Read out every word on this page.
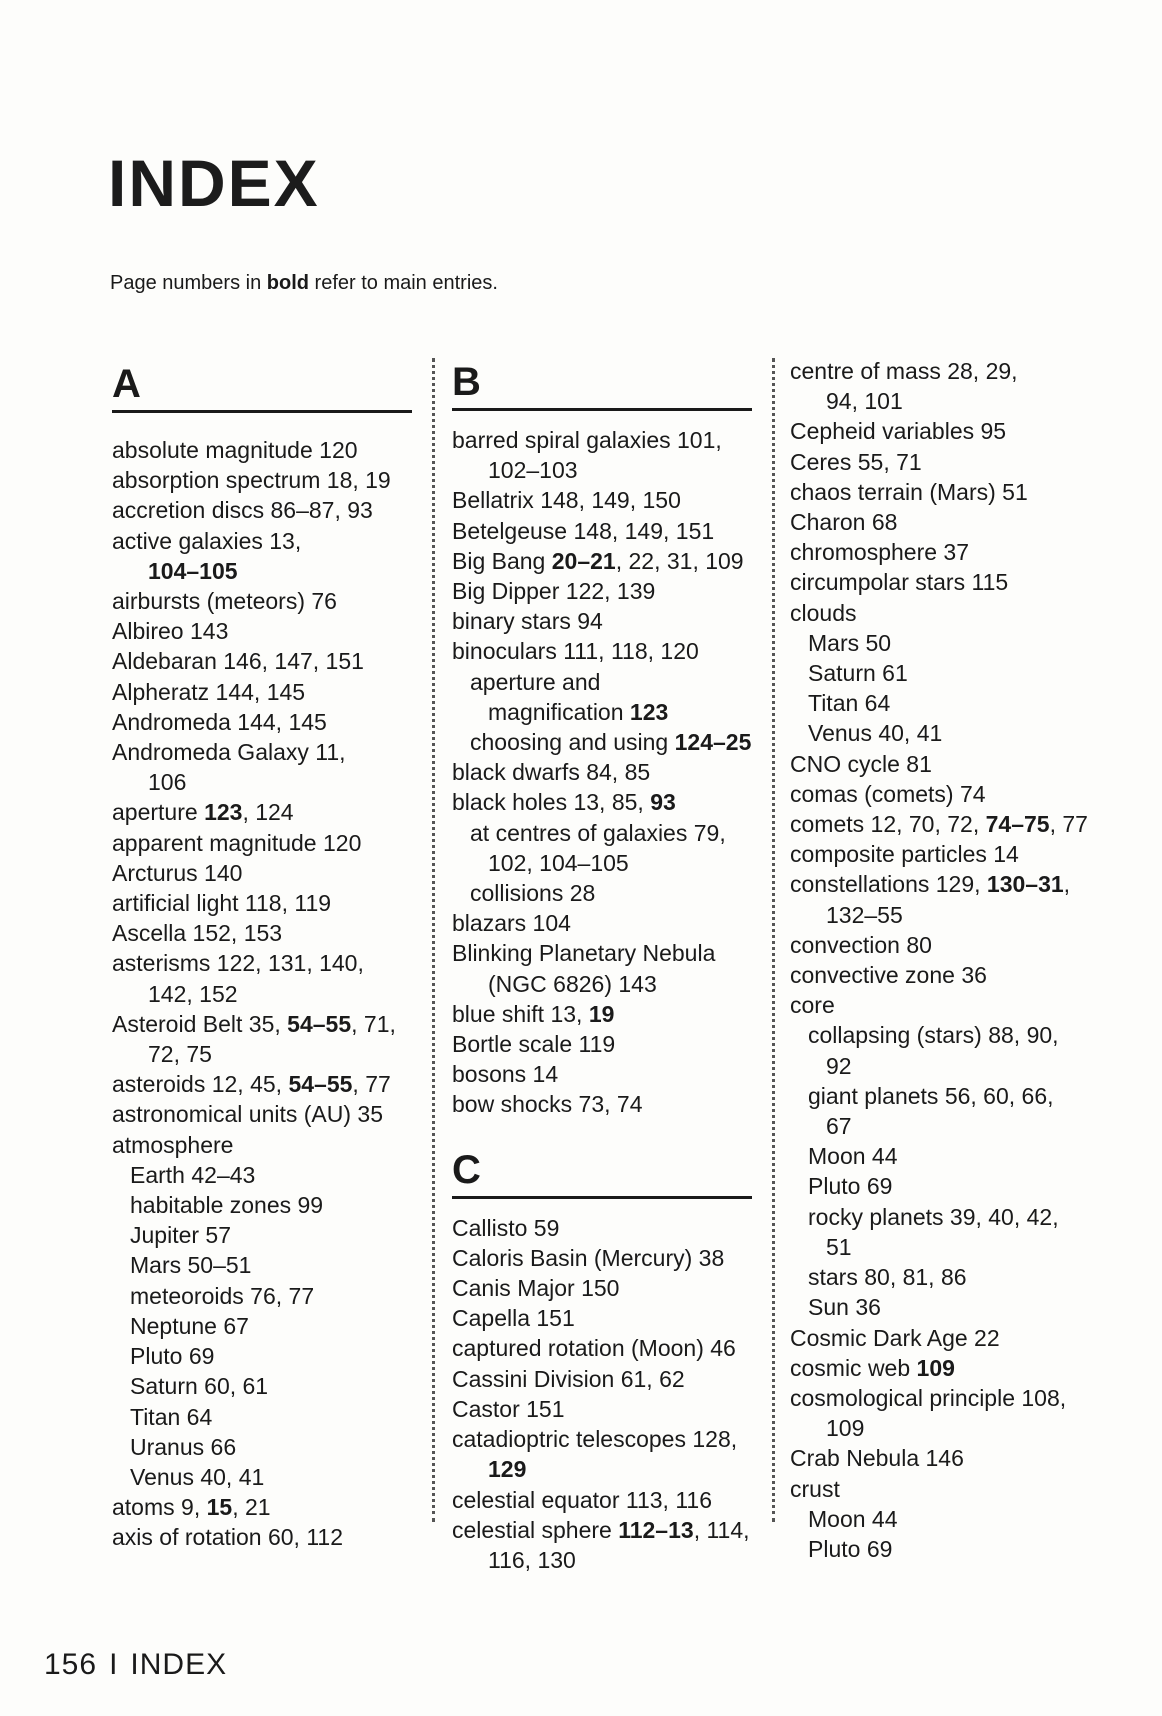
INDEX

Page numbers in bold refer to main entries.

A
absolute magnitude 120
absorption spectrum 18, 19
accretion discs 86–87, 93
active galaxies 13,
104–105
airbursts (meteors) 76
Albireo 143
Aldebaran 146, 147, 151
Alpheratz 144, 145
Andromeda 144, 145
Andromeda Galaxy 11,
106
aperture 123, 124
apparent magnitude 120
Arcturus 140
artificial light 118, 119
Ascella 152, 153
asterisms 122, 131, 140,
142, 152
Asteroid Belt 35, 54–55, 71,
72, 75
asteroids 12, 45, 54–55, 77
astronomical units (AU) 35
atmosphere
Earth 42–43
habitable zones 99
Jupiter 57
Mars 50–51
meteoroids 76, 77
Neptune 67
Pluto 69
Saturn 60, 61
Titan 64
Uranus 66
Venus 40, 41
atoms 9, 15, 21
axis of rotation 60, 112
B
barred spiral galaxies 101,
102–103
Bellatrix 148, 149, 150
Betelgeuse 148, 149, 151
Big Bang 20–21, 22, 31, 109
Big Dipper 122, 139
binary stars 94
binoculars 111, 118, 120
aperture and
magnification 123
choosing and using 124–25
black dwarfs 84, 85
black holes 13, 85, 93
at centres of galaxies 79,
102, 104–105
collisions 28
blazars 104
Blinking Planetary Nebula
(NGC 6826) 143
blue shift 13, 19
Bortle scale 119
bosons 14
bow shocks 73, 74
C
Callisto 59
Caloris Basin (Mercury) 38
Canis Major 150
Capella 151
captured rotation (Moon) 46
Cassini Division 61, 62
Castor 151
catadioptric telescopes 128,
129
celestial equator 113, 116
celestial sphere 112–13, 114,
116, 130
centre of mass 28, 29,
94, 101
Cepheid variables 95
Ceres 55, 71
chaos terrain (Mars) 51
Charon 68
chromosphere 37
circumpolar stars 115
clouds
Mars 50
Saturn 61
Titan 64
Venus 40, 41
CNO cycle 81
comas (comets) 74
comets 12, 70, 72, 74–75, 77
composite particles 14
constellations 129, 130–31,
132–55
convection 80
convective zone 36
core
collapsing (stars) 88, 90,
92
giant planets 56, 60, 66,
67
Moon 44
Pluto 69
rocky planets 39, 40, 42,
51
stars 80, 81, 86
Sun 36
Cosmic Dark Age 22
cosmic web 109
cosmological principle 108,
109
Crab Nebula 146
crust
Moon 44
Pluto 69

156 I INDEX
